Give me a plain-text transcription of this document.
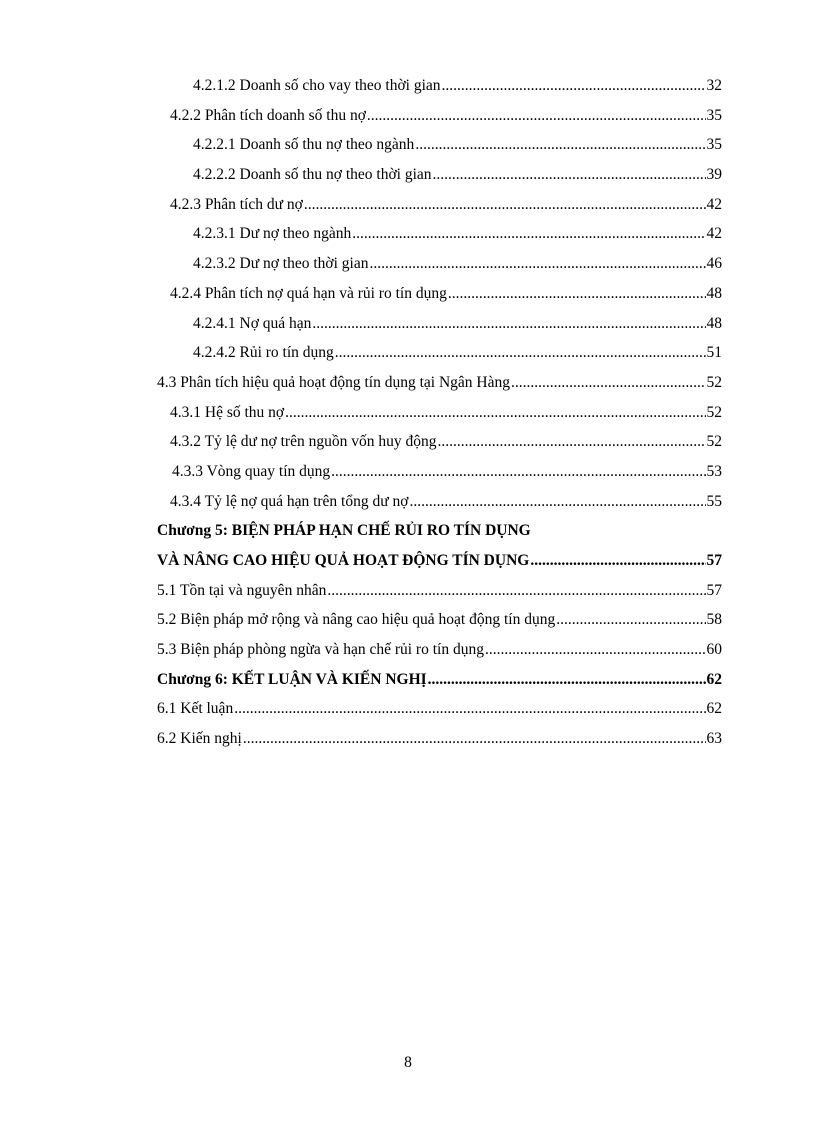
4.2.1.2 Doanh số cho vay theo thời gian .....	32
4.2.2 Phân tích doanh số thu nợ .....	35
4.2.2.1 Doanh số thu nợ theo ngành .....	35
4.2.2.2 Doanh số thu nợ theo thời gian .....	39
4.2.3 Phân tích dư nợ .....	42
4.2.3.1 Dư nợ theo ngành .....	42
4.2.3.2 Dư nợ theo thời gian .....	46
4.2.4 Phân tích nợ quá hạn và rủi ro tín dụng .....	48
4.2.4.1 Nợ quá hạn .....	48
4.2.4.2 Rủi ro tín dụng .....	51
4.3 Phân tích hiệu quả hoạt động tín dụng tại Ngân Hàng .....	52
4.3.1 Hệ số thu nợ .....	52
4.3.2 Tỷ lệ dư nợ trên nguồn vốn huy động .....	52
4.3.3 Vòng quay tín dụng .....	53
4.3.4 Tỷ lệ nợ quá hạn trên tổng dư nợ .....	55
Chương 5: BIỆN PHÁP HẠN CHẾ RỦI RO TÍN DỤNG
VÀ NÂNG CAO HIỆU QUẢ HOẠT ĐỘNG TÍN DỤNG .....	57
5.1 Tồn tại và nguyên nhân .....	57
5.2 Biện pháp mở rộng và nâng cao hiệu quả hoạt động tín dụng .....	58
5.3 Biện pháp phòng ngừa và hạn chế rủi ro tín dụng .....	60
Chương 6: KẾT LUẬN VÀ KIẾN NGHỊ .....	62
6.1 Kết luận .....	62
6.2 Kiến nghị .....	63
8
